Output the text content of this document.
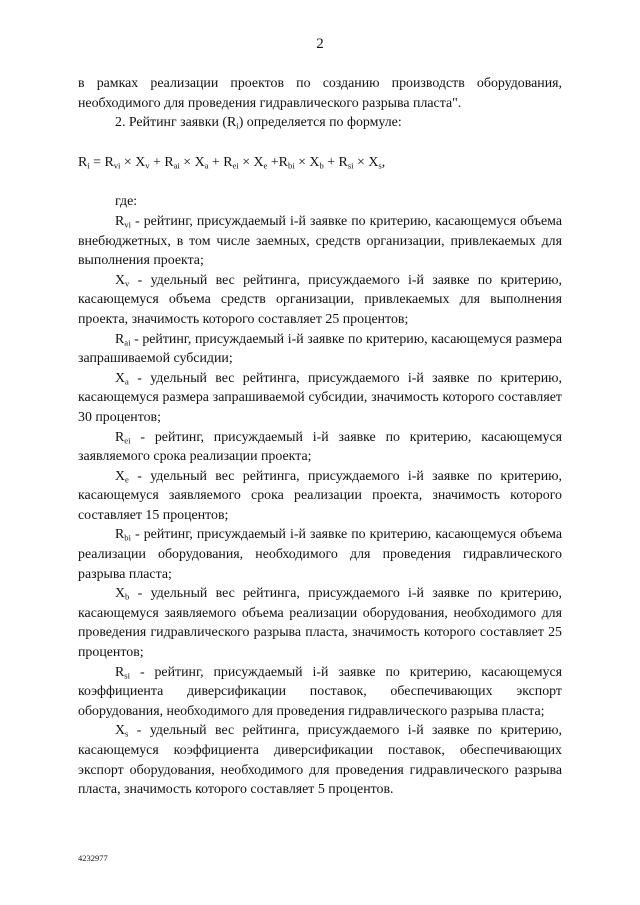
2

в рамках реализации проектов по созданию производств оборудования, необходимого для проведения гидравлического разрыва пласта".

2. Рейтинг заявки $(R_i)$ определяется по формуле:

$R_i = R_{vi} \times X_v + R_{ai} \times X_a + R_{ei} \times X_e +R_{bi} \times X_b + R_{si} \times X_s$,

где:

$R_{vi}$ - рейтинг, присуждаемый i-й заявке по критерию, касающемуся объема внебюджетных, в том числе заемных, средств организации, привлекаемых для выполнения проекта;

$X_v$ - удельный вес рейтинга, присуждаемого i-й заявке по критерию, касающемуся объема средств организации, привлекаемых для выполнения проекта, значимость которого составляет 25 процентов;

$R_{ai}$ - рейтинг, присуждаемый i-й заявке по критерию, касающемуся размера запрашиваемой субсидии;

$X_a$ - удельный вес рейтинга, присуждаемого i-й заявке по критерию, касающемуся размера запрашиваемой субсидии, значимость которого составляет 30 процентов;

$R_{ei}$ - рейтинг, присуждаемый i-й заявке по критерию, касающемуся заявляемого срока реализации проекта;

$X_e$ - удельный вес рейтинга, присуждаемого i-й заявке по критерию, касающемуся заявляемого срока реализации проекта, значимость которого составляет 15 процентов;

$R_{bi}$ - рейтинг, присуждаемый i-й заявке по критерию, касающемуся объема реализации оборудования, необходимого для проведения гидравлического разрыва пласта;

$X_b$ - удельный вес рейтинга, присуждаемого i-й заявке по критерию, касающемуся заявляемого объема реализации оборудования, необходимого для проведения гидравлического разрыва пласта, значимость которого составляет 25 процентов;

$R_{si}$ - рейтинг, присуждаемый i-й заявке по критерию, касающемуся коэффициента диверсификации поставок, обеспечивающих экспорт оборудования, необходимого для проведения гидравлического разрыва пласта;

$X_s$ - удельный вес рейтинга, присуждаемого i-й заявке по критерию, касающемуся коэффициента диверсификации поставок, обеспечивающих экспорт оборудования, необходимого для проведения гидравлического разрыва пласта, значимость которого составляет 5 процентов.

4232977
